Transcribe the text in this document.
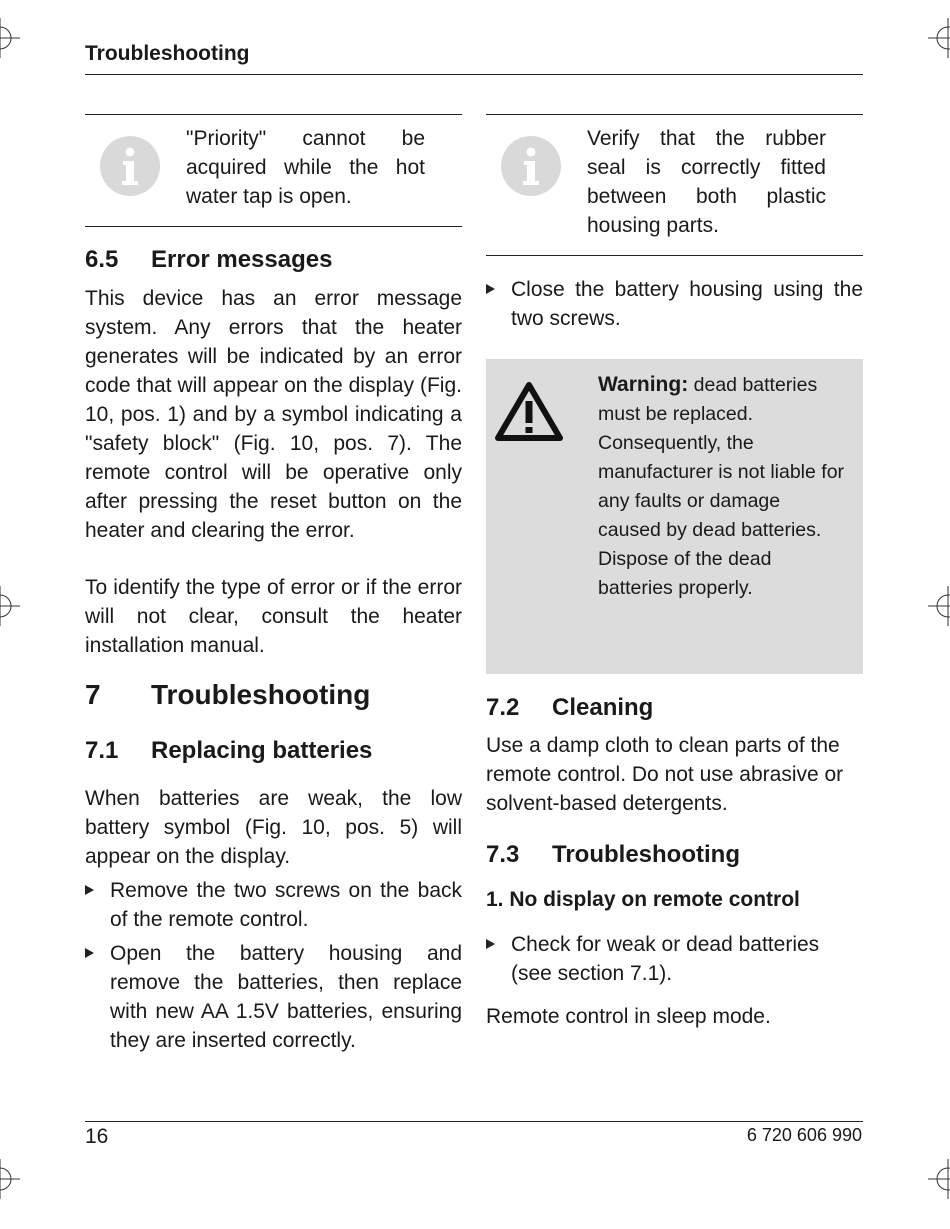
Troubleshooting
"Priority" cannot be acquired while the hot water tap is open.
6.5 Error messages
This device has an error message system. Any errors that the heater generates will be indicated by an error code that will appear on the display (Fig. 10, pos. 1) and by a symbol indicating a "safety block" (Fig. 10, pos. 7). The remote control will be operative only after pressing the reset button on the heater and clearing the error.
To identify the type of error or if the error will not clear, consult the heater installation manual.
7 Troubleshooting
7.1 Replacing batteries
When batteries are weak, the low battery symbol (Fig. 10, pos. 5) will appear on the display.
Remove the two screws on the back of the remote control.
Open the battery housing and remove the batteries, then replace with new AA 1.5V batteries, ensuring they are inserted correctly.
Verify that the rubber seal is correctly fitted between both plastic housing parts.
Close the battery housing using the two screws.
Warning: dead batteries must be replaced. Consequently, the manufacturer is not liable for any faults or damage caused by dead batteries. Dispose of the dead batteries properly.
7.2 Cleaning
Use a damp cloth to clean parts of the remote control. Do not use abrasive or solvent-based detergents.
7.3 Troubleshooting
1. No display on remote control
Check for weak or dead batteries (see section 7.1).
Remote control in sleep mode.
16	6 720 606 990
